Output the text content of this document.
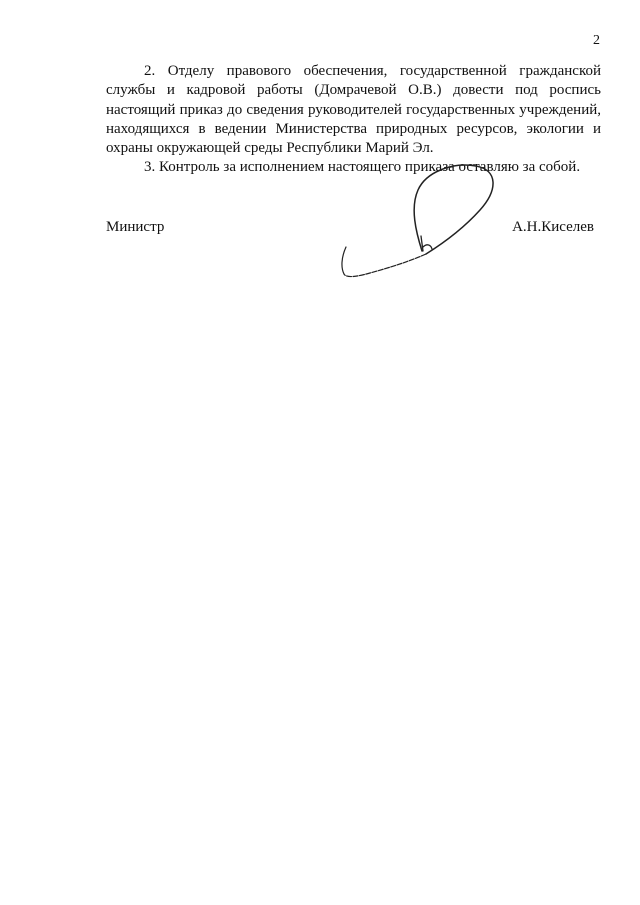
2

2. Отделу правового обеспечения, государственной гражданской службы и кадровой работы (Домрачевой О.В.) довести под роспись настоящий приказ до сведения руководителей государственных учреждений, находящихся в ведении Министерства природных ресурсов, экологии и охраны окружающей среды Республики Марий Эл.

3. Контроль за исполнением настоящего приказа оставляю за собой.

Министр	А.Н.Киселев
